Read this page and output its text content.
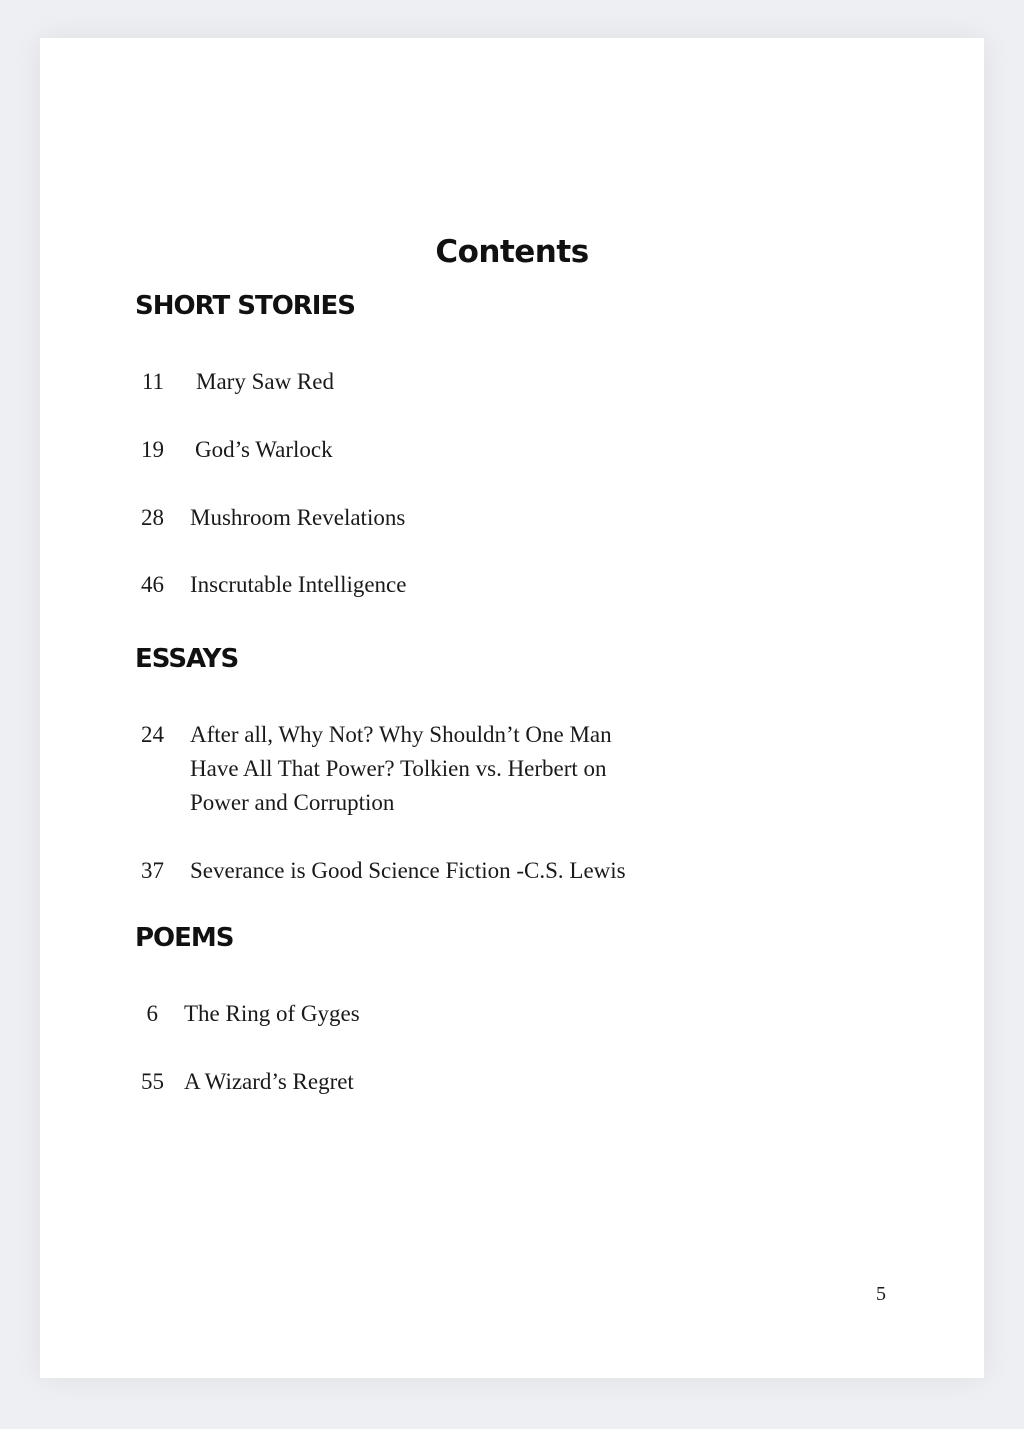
Contents
SHORT STORIES
11 Mary Saw Red
19 God’s Warlock
28 Mushroom Revelations
46 Inscrutable Intelligence
ESSAYS
24 After all, Why Not? Why Shouldn’t One Man
Have All That Power? Tolkien vs. Herbert on
Power and Corruption
37 Severance is Good Science Fiction -C.S. Lewis
POEMS
6 The Ring of Gyges
55 A Wizard’s Regret
5
